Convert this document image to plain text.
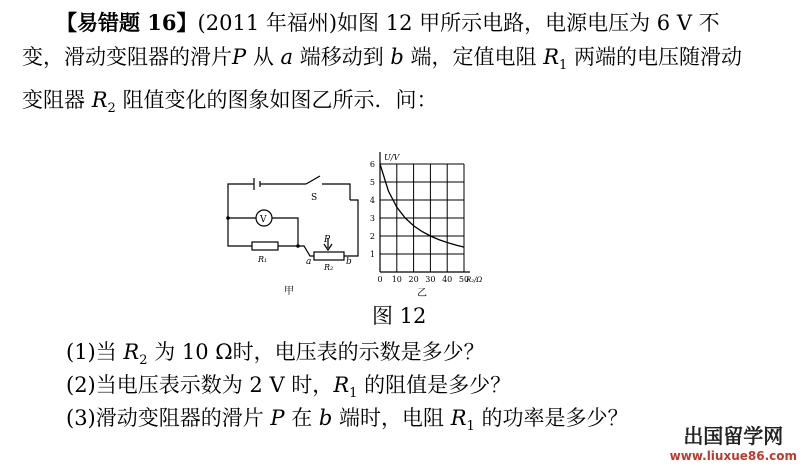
【易错题 16】(2011 年福州)如图 12 甲所示电路，电源电压为 6 V 不变，滑动变阻器的滑片P 从 a 端移动到 b 端，定值电阻 $R_1$ 两端的电压随滑动变阻器 $R_2$ 阻值变化的图象如图乙所示．问：
V
S
R₁
P
a	b
R₂
甲
0 10 20 30 40 50
1
2
3
4
5
6
U/V
R₂/Ω
乙
图 12
(1)当 $R_2$ 为 10 Ω时，电压表的示数是多少？
(2)当电压表示数为 2 V 时，$R_1$ 的阻值是多少？
(3)滑动变阻器的滑片 P 在 b 端时，电阻 $R_1$ 的功率是多少？
出国留学网
www.liuxue86.com
